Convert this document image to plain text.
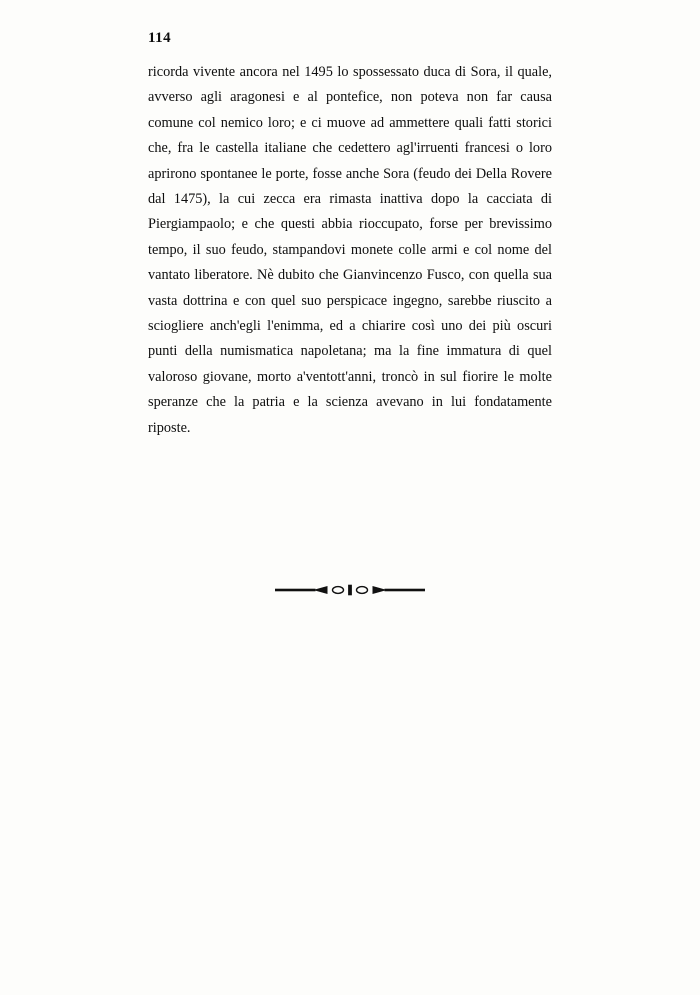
114

ricorda vivente ancora nel 1495 lo spossessato duca di Sora, il quale, avverso agli aragonesi e al pontefice, non poteva non far causa comune col nemico loro; e ci muove ad ammettere quali fatti storici che, fra le castella italiane che cedettero agl'irruenti francesi o loro aprirono spontanee le porte, fosse anche Sora (feudo dei Della Rovere dal 1475), la cui zecca era rimasta inattiva dopo la cacciata di Piergiampaolo; e che questi abbia rioccupato, forse per brevissimo tempo, il suo feudo, stampandovi monete colle armi e col nome del vantato liberatore. Nè dubito che Gianvincenzo Fusco, con quella sua vasta dottrina e con quel suo perspicace ingegno, sarebbe riuscito a sciogliere anch'egli l'enimma, ed a chiarire così uno dei più oscuri punti della numismatica napoletana; ma la fine immatura di quel valoroso giovane, morto a'ventott'anni, troncò in sul fiorire le molte speranze che la patria e la scienza avevano in lui fondatamente riposte.
